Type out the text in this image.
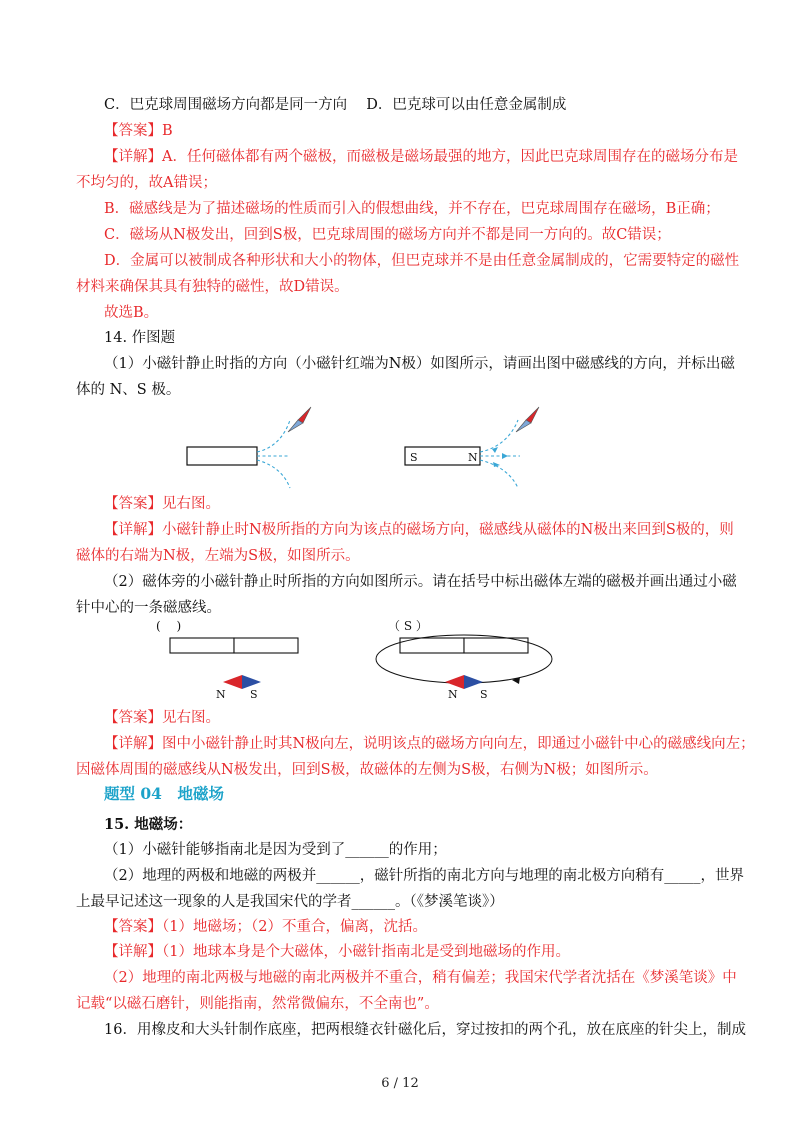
C．巴克球周围磁场方向都是同一方向　 D．巴克球可以由任意金属制成
【答案】B
【详解】A．任何磁体都有两个磁极，而磁极是磁场最强的地方，因此巴克球周围存在的磁场分布是
不均匀的，故A错误；
B．磁感线是为了描述磁场的性质而引入的假想曲线，并不存在，巴克球周围存在磁场，B正确；
C．磁场从N极发出，回到S极，巴克球周围的磁场方向并不都是同一方向的。故C错误；
D．金属可以被制成各种形状和大小的物体，但巴克球并不是由任意金属制成的，它需要特定的磁性
材料来确保其具有独特的磁性，故D错误。
故选B。
14. 作图题
（1）小磁针静止时指的方向（小磁针红端为N极）如图所示，请画出图中磁感线的方向，并标出磁
体的 N、S 极。
S	N
【答案】见右图。
【详解】小磁针静止时N极所指的方向为该点的磁场方向，磁感线从磁体的N极出来回到S极的，则
磁体的右端为N极，左端为S极，如图所示。
（2）磁体旁的小磁针静止时所指的方向如图所示。请在括号中标出磁体左端的磁极并画出通过小磁
针中心的一条磁感线。
(　 )
N S
（ S ）
N S
【答案】见右图。
【详解】图中小磁针静止时其N极向左，说明该点的磁场方向向左，即通过小磁针中心的磁感线向左；
因磁体周围的磁感线从N极发出，回到S极，故磁体的左侧为S极，右侧为N极；如图所示。
题型 04　地磁场
15. 地磁场：
（1）小磁针能够指南北是因为受到了______的作用；
（2）地理的两极和地磁的两极并______，磁针所指的南北方向与地理的南北极方向稍有_____，世界
上最早记述这一现象的人是我国宋代的学者______。（《梦溪笔谈》）
【答案】（1）地磁场；（2）不重合，偏离，沈括。
【详解】（1）地球本身是个大磁体，小磁针指南北是受到地磁场的作用。
（2）地理的南北两极与地磁的南北两极并不重合，稍有偏差；我国宋代学者沈括在《梦溪笔谈》中
记载“以磁石磨针，则能指南，然常微偏东，不全南也”。
16．用橡皮和大头针制作底座，把两根缝衣针磁化后，穿过按扣的两个孔，放在底座的针尖上，制成
6 / 12
